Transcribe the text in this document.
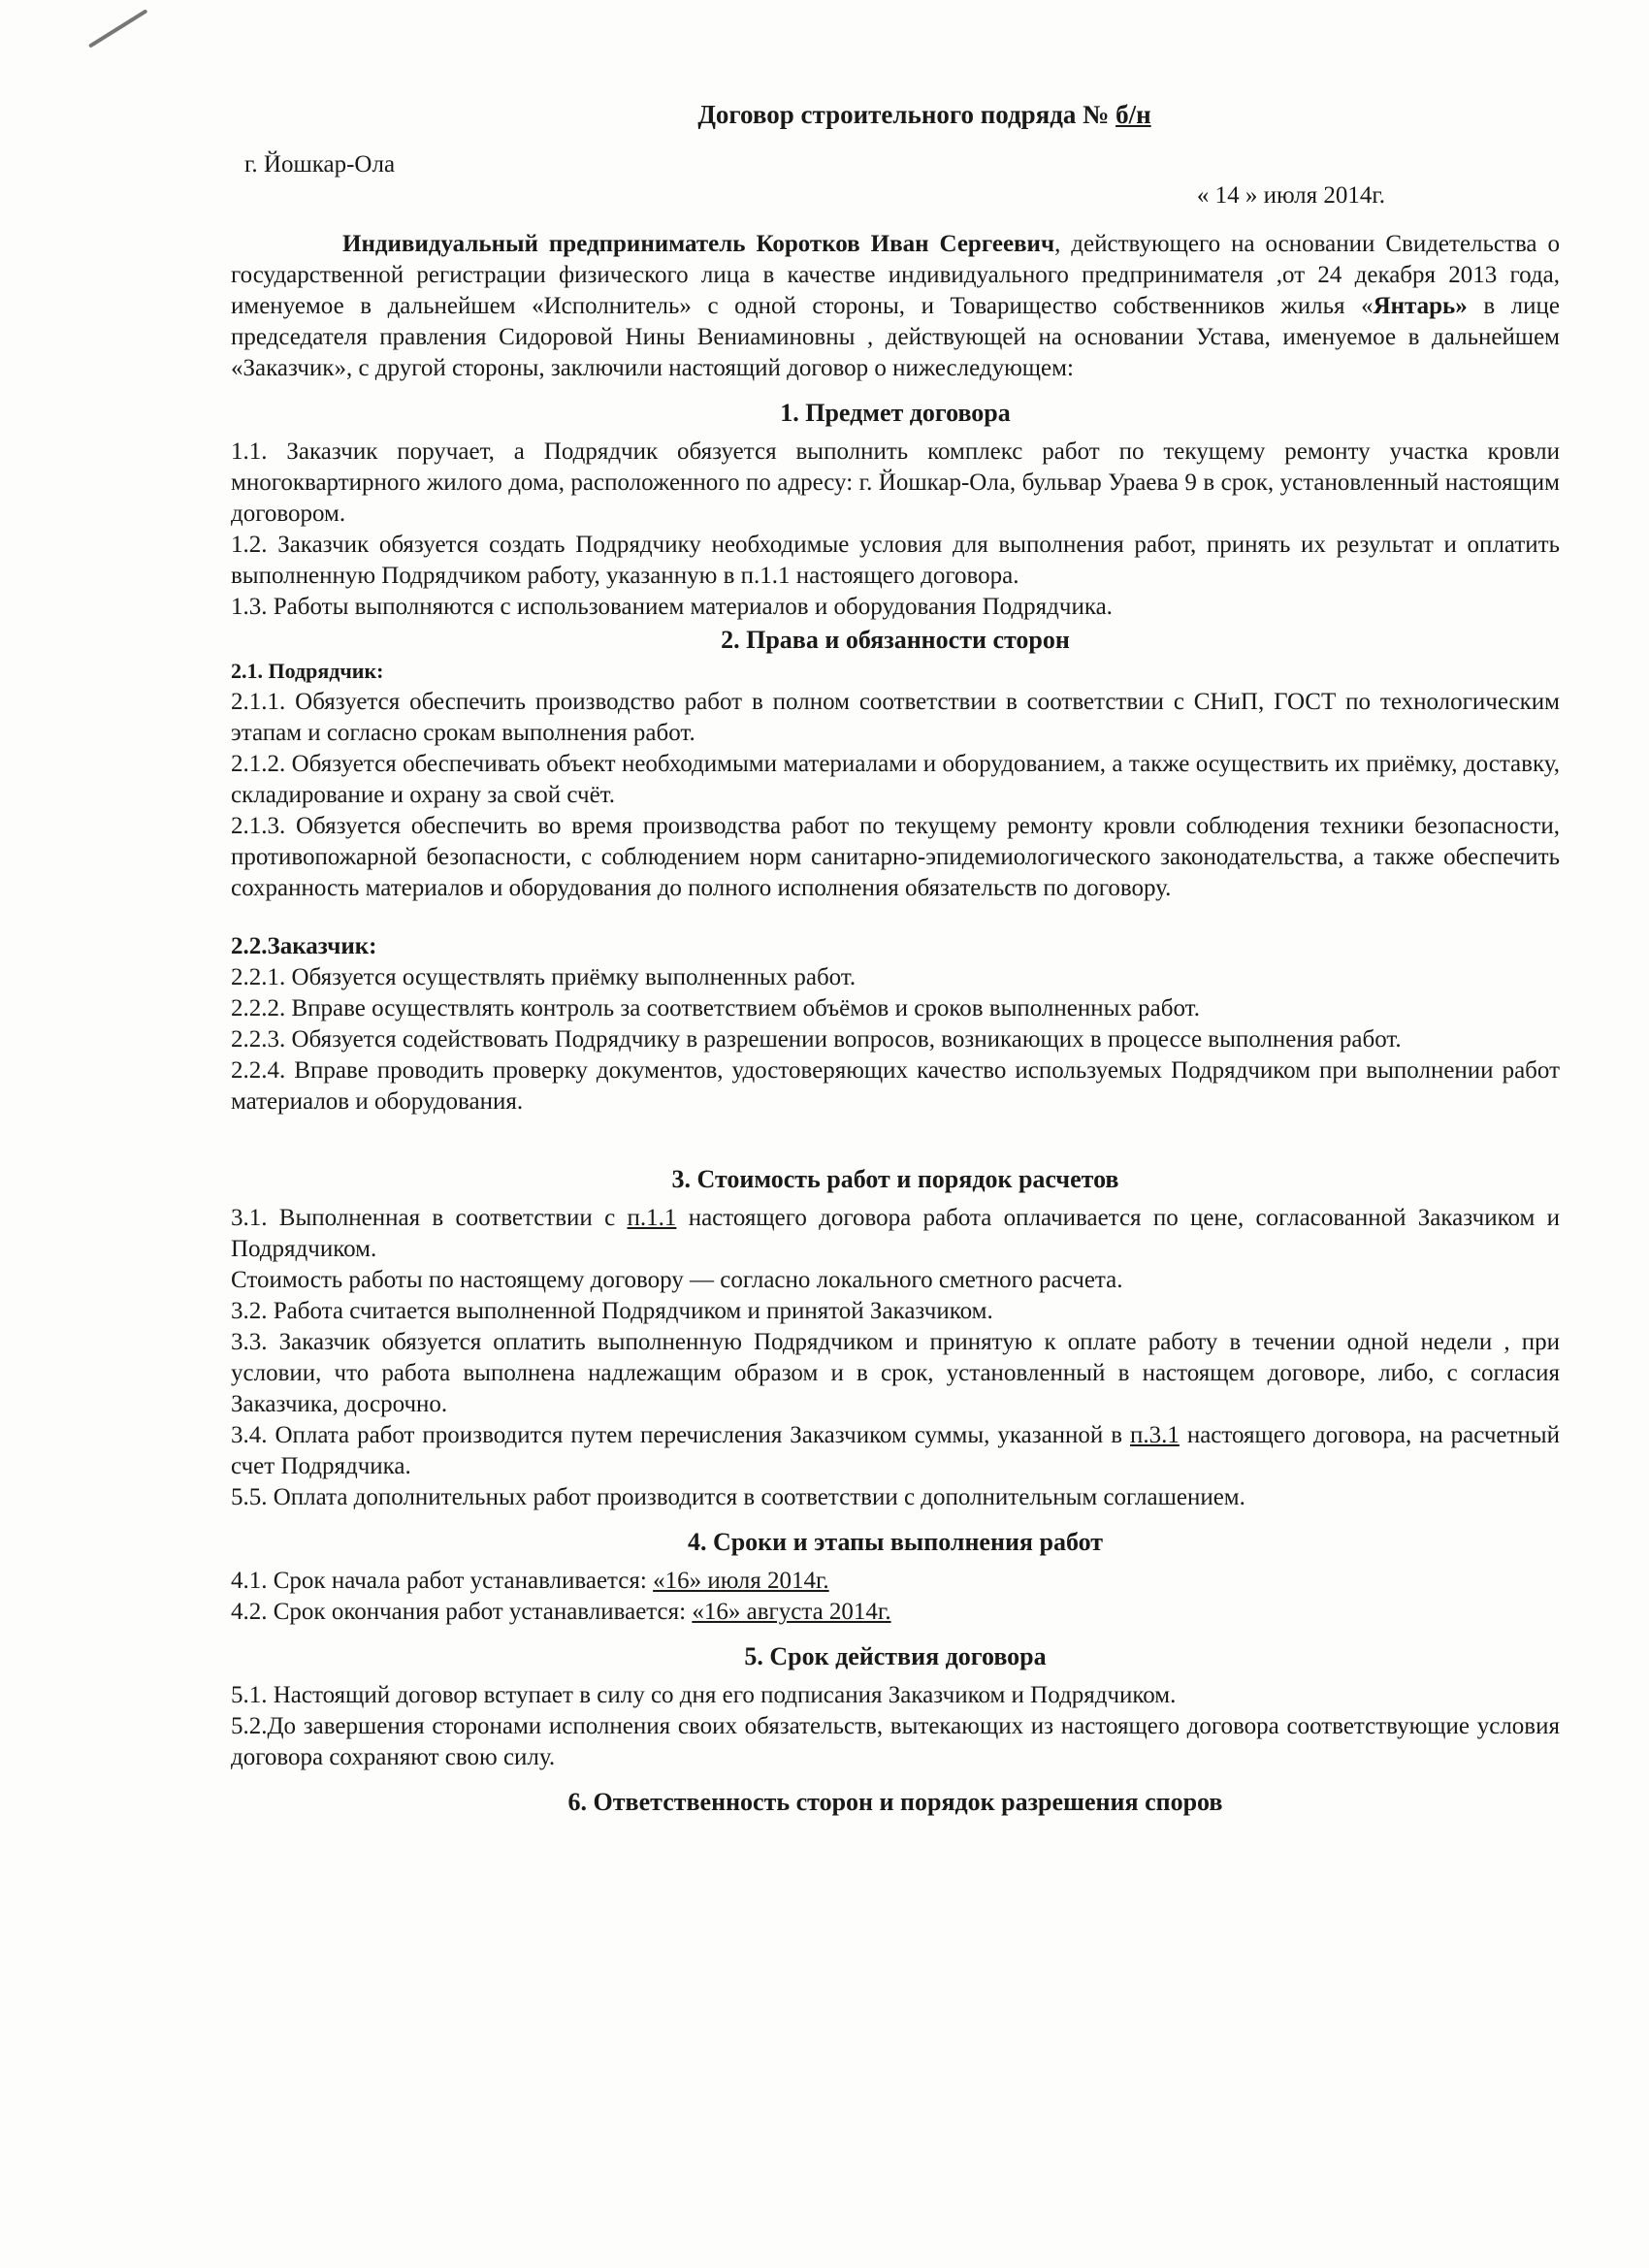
Договор строительного подряда № б/н

г. Йошкар-Ола

« 14 » июля 2014г.

Индивидуальный предприниматель Коротков Иван Сергеевич, действующего на основании Свидетельства о государственной регистрации физического лица в качестве индивидуального предпринимателя ,от 24 декабря 2013 года, именуемое в дальнейшем «Исполнитель» с одной стороны, и Товарищество собственников жилья «Янтарь» в лице председателя правления Сидоровой Нины Вениаминовны , действующей на основании Устава, именуемое в дальнейшем «Заказчик», с другой стороны, заключили настоящий договор о нижеследующем:

1. Предмет договора

1.1. Заказчик поручает, а Подрядчик обязуется выполнить комплекс работ по текущему ремонту участка кровли многоквартирного жилого дома, расположенного по адресу: г. Йошкар-Ола, бульвар Ураева 9 в срок, установленный настоящим договором.

1.2. Заказчик обязуется создать Подрядчику необходимые условия для выполнения работ, принять их результат и оплатить выполненную Подрядчиком работу, указанную в п.1.1 настоящего договора.

1.3. Работы выполняются с использованием материалов и оборудования Подрядчика.

2. Права и обязанности сторон

2.1. Подрядчик:

2.1.1. Обязуется обеспечить производство работ в полном соответствии в соответствии с СНиП, ГОСТ по технологическим этапам и согласно срокам выполнения работ.

2.1.2. Обязуется обеспечивать объект необходимыми материалами и оборудованием, а также осуществить их приёмку, доставку, складирование и охрану за свой счёт.

2.1.3. Обязуется обеспечить во время производства работ по текущему ремонту кровли соблюдения техники безопасности, противопожарной безопасности, с соблюдением норм санитарно-эпидемиологического законодательства, а также обеспечить сохранность материалов и оборудования до полного исполнения обязательств по договору.

2.2.Заказчик:

2.2.1. Обязуется осуществлять приёмку выполненных работ.

2.2.2. Вправе осуществлять контроль за соответствием объёмов и сроков выполненных работ.

2.2.3. Обязуется содействовать Подрядчику в разрешении вопросов, возникающих в процессе выполнения работ.

2.2.4. Вправе проводить проверку документов, удостоверяющих качество используемых Подрядчиком при выполнении работ материалов и оборудования.

3. Стоимость работ и порядок расчетов

3.1. Выполненная в соответствии с п.1.1 настоящего договора работа оплачивается по цене, согласованной Заказчиком и Подрядчиком.

Стоимость работы по настоящему договору — согласно локального сметного расчета.

3.2. Работа считается выполненной Подрядчиком и принятой Заказчиком.

3.3. Заказчик обязуется оплатить выполненную Подрядчиком и принятую к оплате работу в течении одной недели , при условии, что работа выполнена надлежащим образом и в срок, установленный в настоящем договоре, либо, с согласия Заказчика, досрочно.

3.4. Оплата работ производится путем перечисления Заказчиком суммы, указанной в п.3.1 настоящего договора, на расчетный счет Подрядчика.

5.5. Оплата дополнительных работ производится в соответствии с дополнительным соглашением.

4. Сроки и этапы выполнения работ

4.1. Срок начала работ устанавливается: «16» июля 2014г.

4.2. Срок окончания работ устанавливается: «16» августа 2014г.

5. Срок действия договора

5.1. Настоящий договор вступает в силу со дня его подписания Заказчиком и Подрядчиком.

5.2.До завершения сторонами исполнения своих обязательств, вытекающих из настоящего договора соответствующие условия договора сохраняют свою силу.

6. Ответственность сторон и порядок разрешения споров
